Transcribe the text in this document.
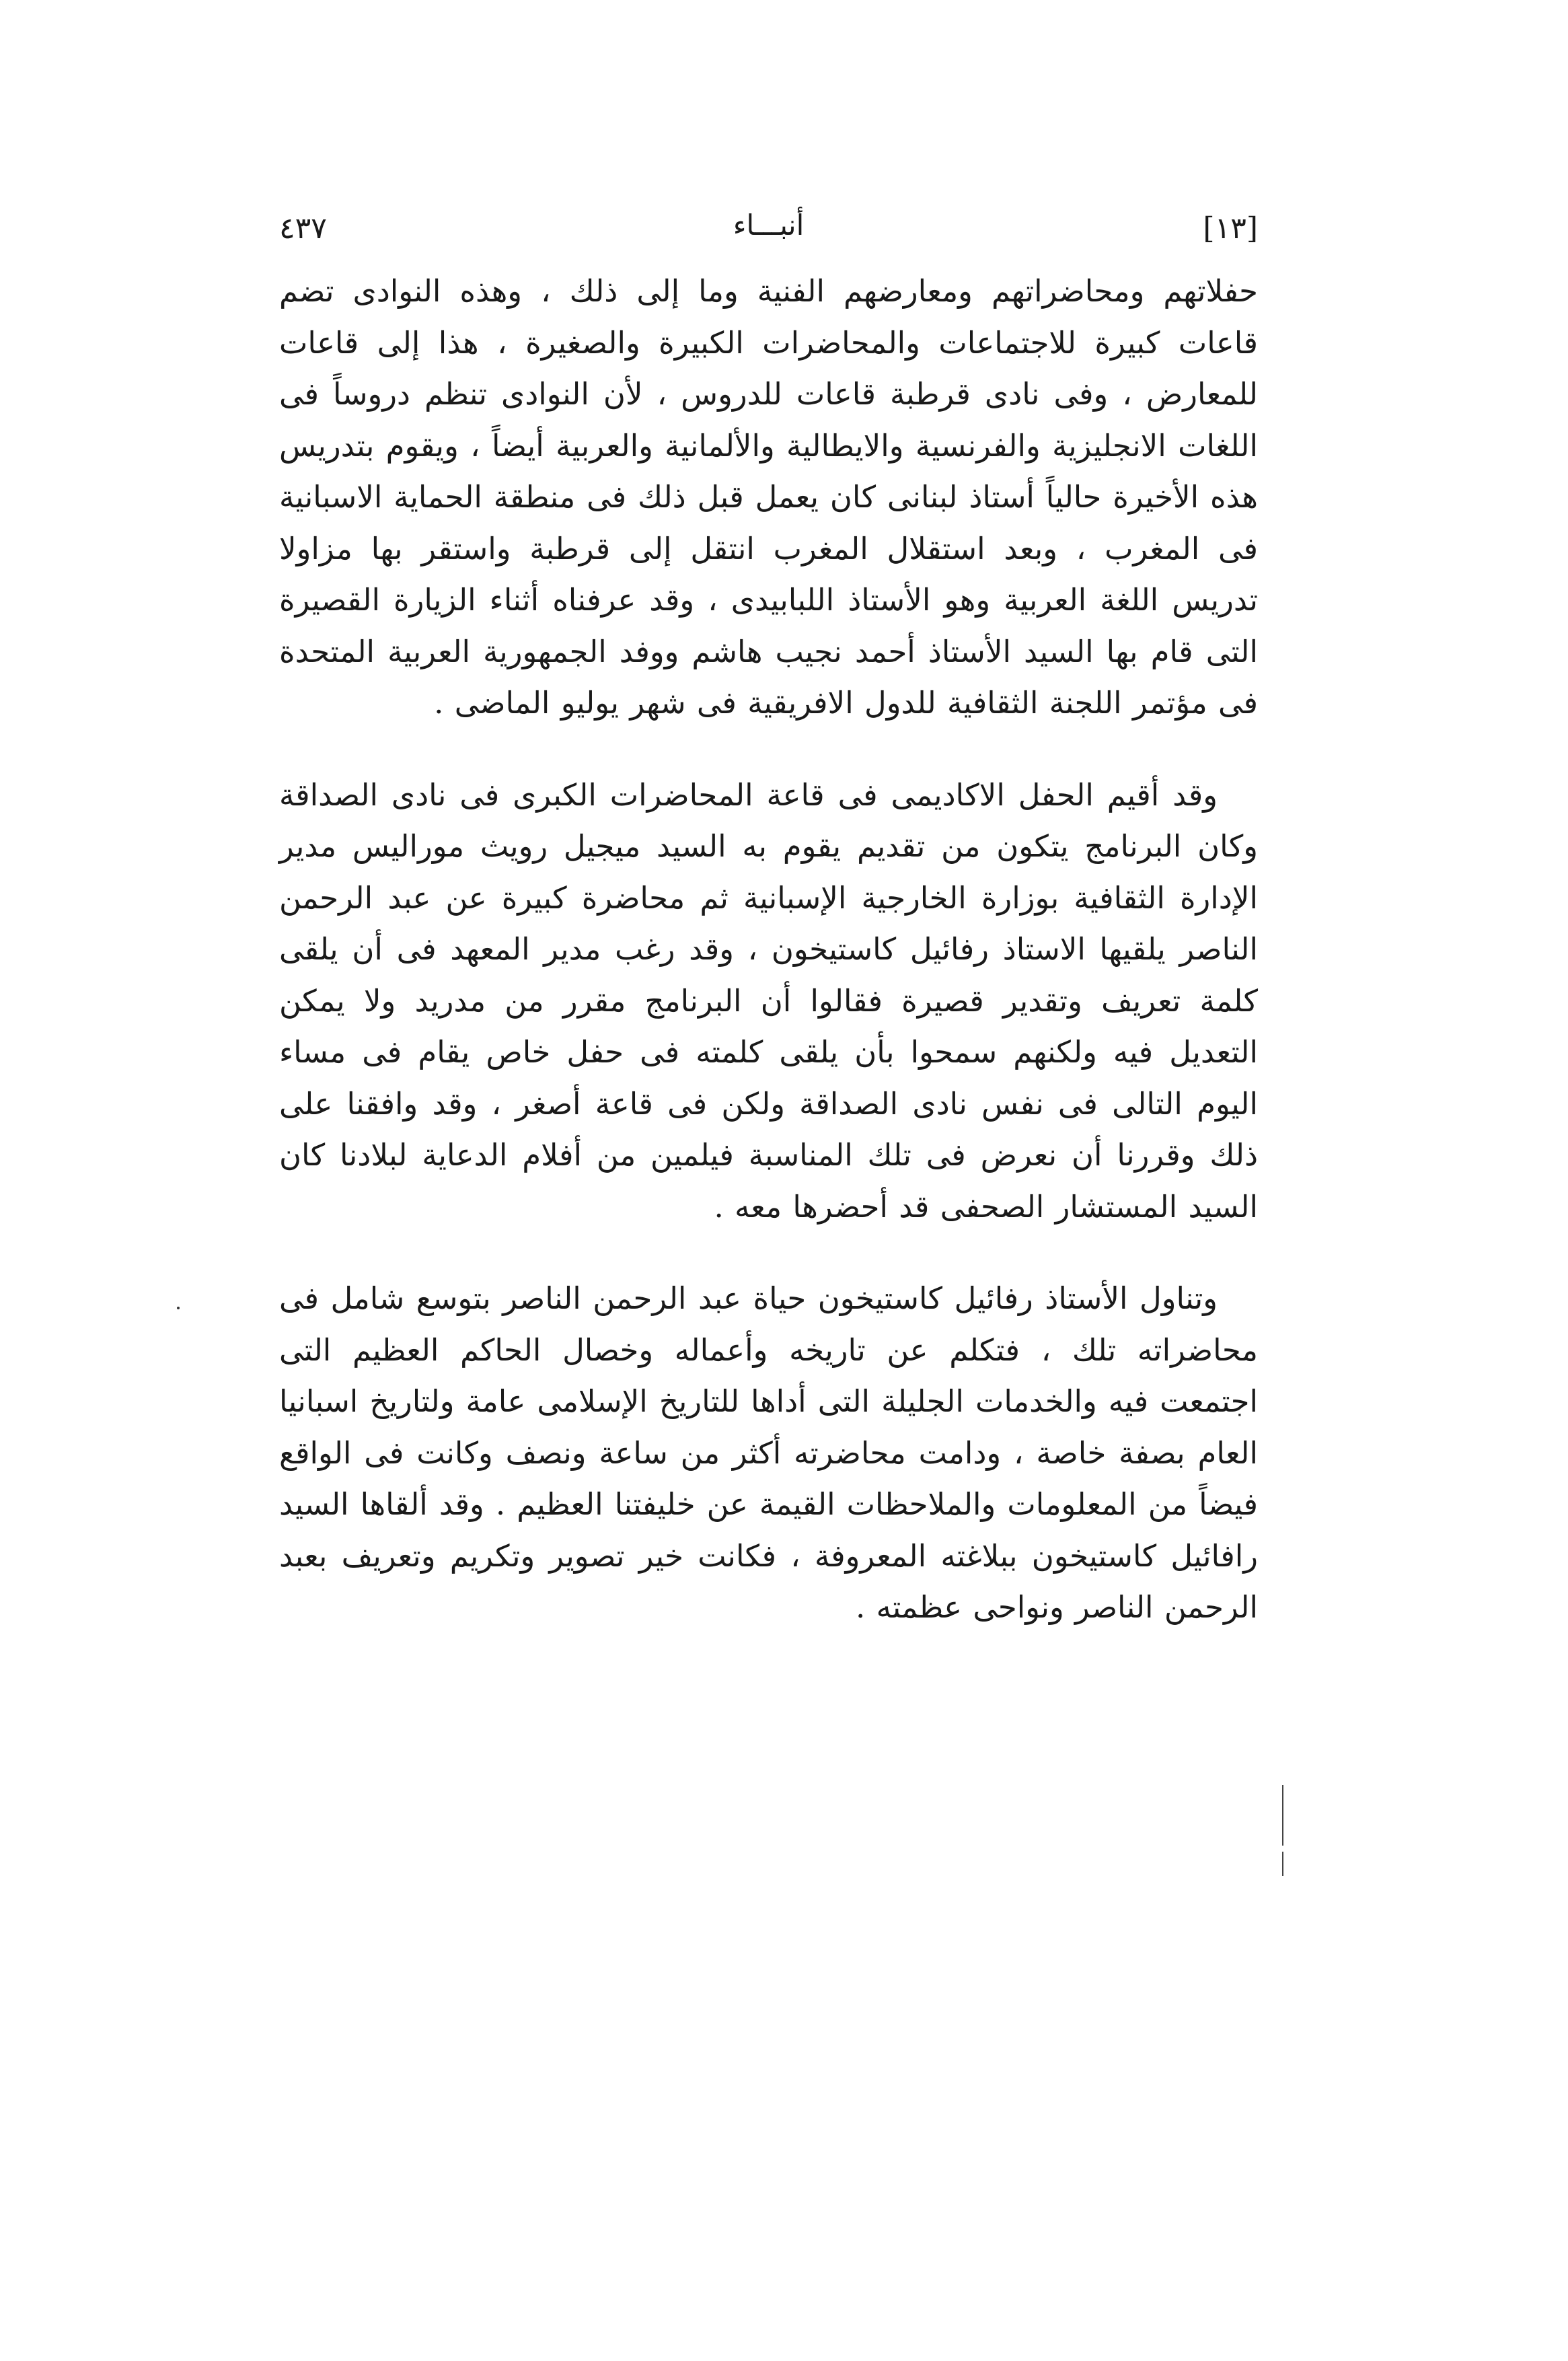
[١٣]
أنبـــاء
٤٣٧

حفلاتهم ومحاضراتهم ومعارضهم الفنية وما إلى ذلك ، وهذه النوادى تضم قاعات كبيرة للاجتماعات والمحاضرات الكبيرة والصغيرة ، هذا إلى قاعات للمعارض ، وفى نادى قرطبة قاعات للدروس ، لأن النوادى تنظم دروساً فى اللغات الانجليزية والفرنسية والايطالية والألمانية والعربية أيضاً ، ويقوم بتدريس هذه الأخيرة حالياً أستاذ لبنانى كان يعمل قبل ذلك فى منطقة الحماية الاسبانية فى المغرب ، وبعد استقلال المغرب انتقل إلى قرطبة واستقر بها مزاولا تدريس اللغة العربية وهو الأستاذ اللبابيدى ، وقد عرفناه أثناء الزيارة القصيرة التى قام بها السيد الأستاذ أحمد نجيب هاشم ووفد الجمهورية العربية المتحدة فى مؤتمر اللجنة الثقافية للدول الافريقية فى شهر يوليو الماضى .

وقد أقيم الحفل الاكاديمى فى قاعة المحاضرات الكبرى فى نادى الصداقة وكان البرنامج يتكون من تقديم يقوم به السيد ميجيل رويث موراليس مدير الإدارة الثقافية بوزارة الخارجية الإسبانية ثم محاضرة كبيرة عن عبد الرحمن الناصر يلقيها الاستاذ رفائيل كاستيخون ، وقد رغب مدير المعهد فى أن يلقى كلمة تعريف وتقدير قصيرة فقالوا أن البرنامج مقرر من مدريد ولا يمكن التعديل فيه ولكنهم سمحوا بأن يلقى كلمته فى حفل خاص يقام فى مساء اليوم التالى فى نفس نادى الصداقة ولكن فى قاعة أصغر ، وقد وافقنا على ذلك وقررنا أن نعرض فى تلك المناسبة فيلمين من أفلام الدعاية لبلادنا كان السيد المستشار الصحفى قد أحضرها معه .

وتناول الأستاذ رفائيل كاستيخون حياة عبد الرحمن الناصر بتوسع شامل فى محاضراته تلك ، فتكلم عن تاريخه وأعماله وخصال الحاكم العظيم التى اجتمعت فيه والخدمات الجليلة التى أداها للتاريخ الإسلامى عامة ولتاريخ اسبانيا العام بصفة خاصة ، ودامت محاضرته أكثر من ساعة ونصف وكانت فى الواقع فيضاً من المعلومات والملاحظات القيمة عن خليفتنا العظيم . وقد ألقاها السيد رافائيل كاستيخون ببلاغته المعروفة ، فكانت خير تصوير وتكريم وتعريف بعبد الرحمن الناصر ونواحى عظمته .
